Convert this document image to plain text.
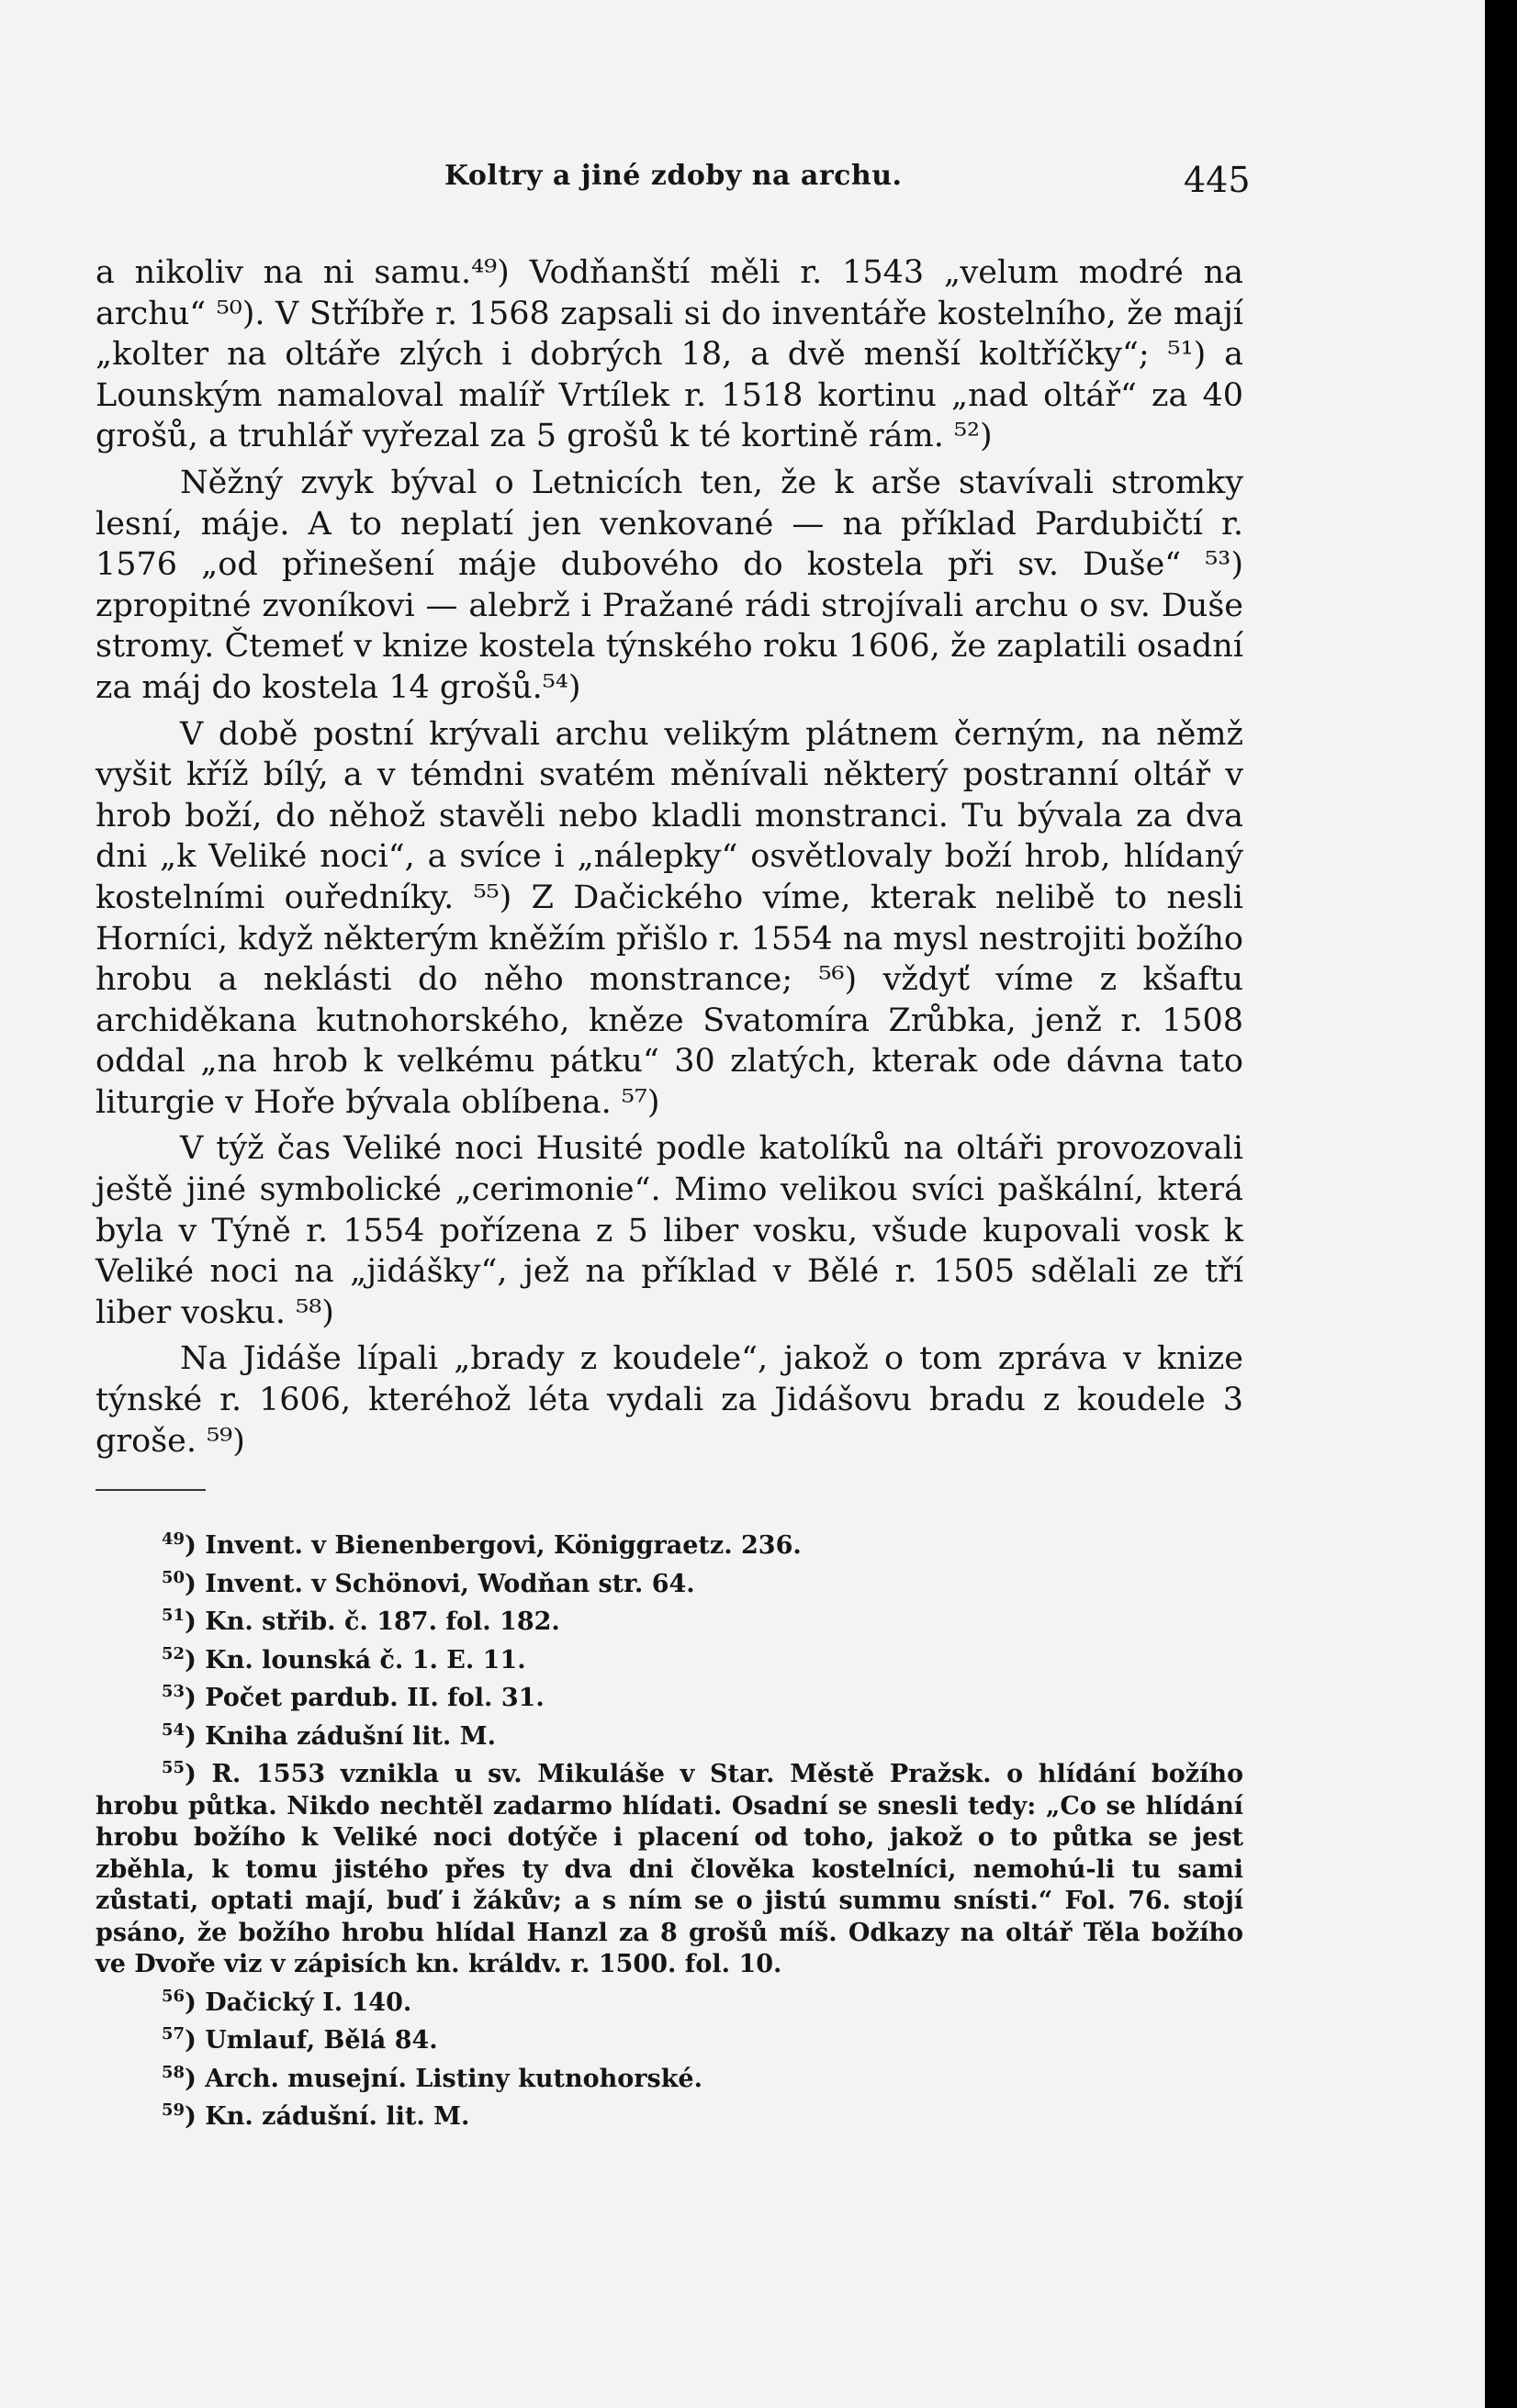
Koltry a jiné zdoby na archu.	445

a nikoliv na ni samu.⁴⁹) Vodňanští měli r. 1543 „velum modré na archu“ ⁵⁰). V Stříbře r. 1568 zapsali si do inventáře kostelního, že mají „kolter na oltáře zlých i dobrých 18, a dvě menší koltříčky“; ⁵¹) a Lounským namaloval malíř Vrtílek r. 1518 kortinu „nad oltář“ za 40 grošů, a truhlář vyřezal za 5 grošů k té kortině rám. ⁵²)

Něžný zvyk býval o Letnicích ten, že k arše stavívali stromky lesní, máje. A to neplatí jen venkované — na příklad Pardubičtí r. 1576 „od přinešení máje dubového do kostela při sv. Duše“ ⁵³) zpropitné zvoníkovi — alebrž i Pražané rádi strojívali archu o sv. Duše stromy. Čtemeť v knize kostela týnského roku 1606, že zaplatili osadní za máj do kostela 14 grošů.⁵⁴)

V době postní krývali archu velikým plátnem černým, na němž vyšit kříž bílý, a v témdni svatém měnívali některý postranní oltář v hrob boží, do něhož stavěli nebo kladli monstranci. Tu bývala za dva dni „k Veliké noci“, a svíce i „nálepky“ osvětlovaly boží hrob, hlídaný kostelními ouředníky. ⁵⁵) Z Dačického víme, kterak nelibě to nesli Horníci, když některým kněžím přišlo r. 1554 na mysl nestrojiti božího hrobu a neklásti do něho monstrance; ⁵⁶) vždyť víme z kšaftu archiděkana kutnohorského, kněze Svatomíra Zrůbka, jenž r. 1508 oddal „na hrob k velkému pátku“ 30 zlatých, kterak ode dávna tato liturgie v Hoře bývala oblíbena. ⁵⁷)

V týž čas Veliké noci Husité podle katolíků na oltáři provozovali ještě jiné symbolické „cerimonie“. Mimo velikou svíci paškální, která byla v Týně r. 1554 pořízena z 5 liber vosku, všude kupovali vosk k Veliké noci na „jidášky“, jež na příklad v Bělé r. 1505 sdělali ze tří liber vosku. ⁵⁸)

Na Jidáše lípali „brady z koudele“, jakož o tom zpráva v knize týnské r. 1606, kteréhož léta vydali za Jidášovu bradu z koudele 3 groše. ⁵⁹)

$^{49}$) Invent. v Bienenbergovi, Königgraetz. 236.

$^{50}$) Invent. v Schönovi, Wodňan str. 64.

$^{51}$) Kn. střib. č. 187. fol. 182.

$^{52}$) Kn. lounská č. 1. E. 11.

$^{53}$) Počet pardub. II. fol. 31.

$^{54}$) Kniha zádušní lit. M.

$^{55}$) R. 1553 vznikla u sv. Mikuláše v Star. Městě Pražsk. o hlídání božího hrobu půtka. Nikdo nechtěl zadarmo hlídati. Osadní se snesli tedy: „Co se hlídání hrobu božího k Veliké noci dotýče i placení od toho, jakož o to půtka se jest zběhla, k tomu jistého přes ty dva dni člověka kostelníci, nemohú-li tu sami zůstati, optati mají, buď i žákův; a s ním se o jistú summu snísti.“ Fol. 76. stojí psáno, že božího hrobu hlídal Hanzl za 8 grošů míš. Odkazy na oltář Těla božího ve Dvoře viz v zápisích kn. králdv. r. 1500. fol. 10.

$^{56}$) Dačický I. 140.

$^{57}$) Umlauf, Bělá 84.

$^{58}$) Arch. musejní. Listiny kutnohorské.

$^{59}$) Kn. zádušní. lit. M.
